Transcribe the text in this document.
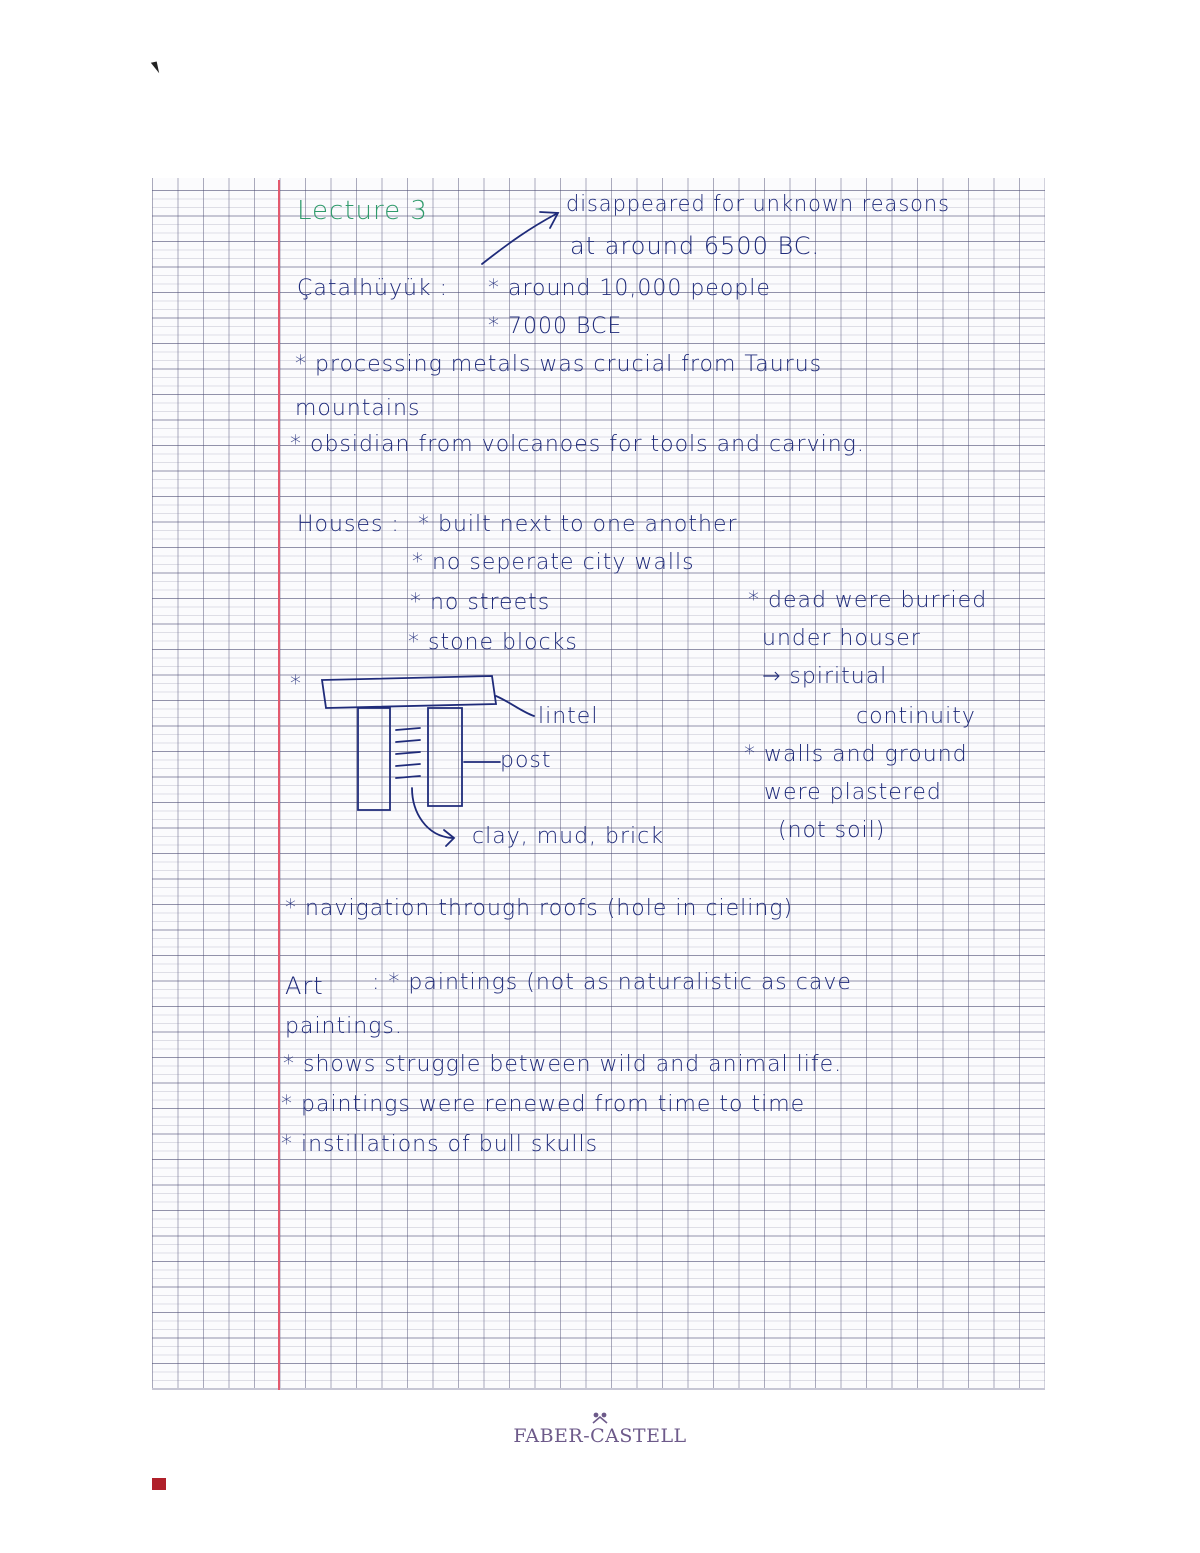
FABER-CASTELL
Lecture 3	disappeared for unknown reasons
at around 6500 BC.
Çatalhüyük : * around 10,000 people
* 7000 BCE
* processing metals was crucial from Taurus
mountains
* obsidian from volcanoes for tools and carving.
Houses : * built next to one another
* no seperate city walls
* no streets
* stone blocks
* dead were burried
under houser
→ spiritual
continuity
* walls and ground
were plastered
(not soil)
*
lintel
post
clay, mud, brick
* navigation through roofs (hole in cieling)
Art : * paintings (not as naturalistic as cave
paintings.
* shows struggle between wild and animal life.
* paintings were renewed from time to time
* instillations of bull skulls
